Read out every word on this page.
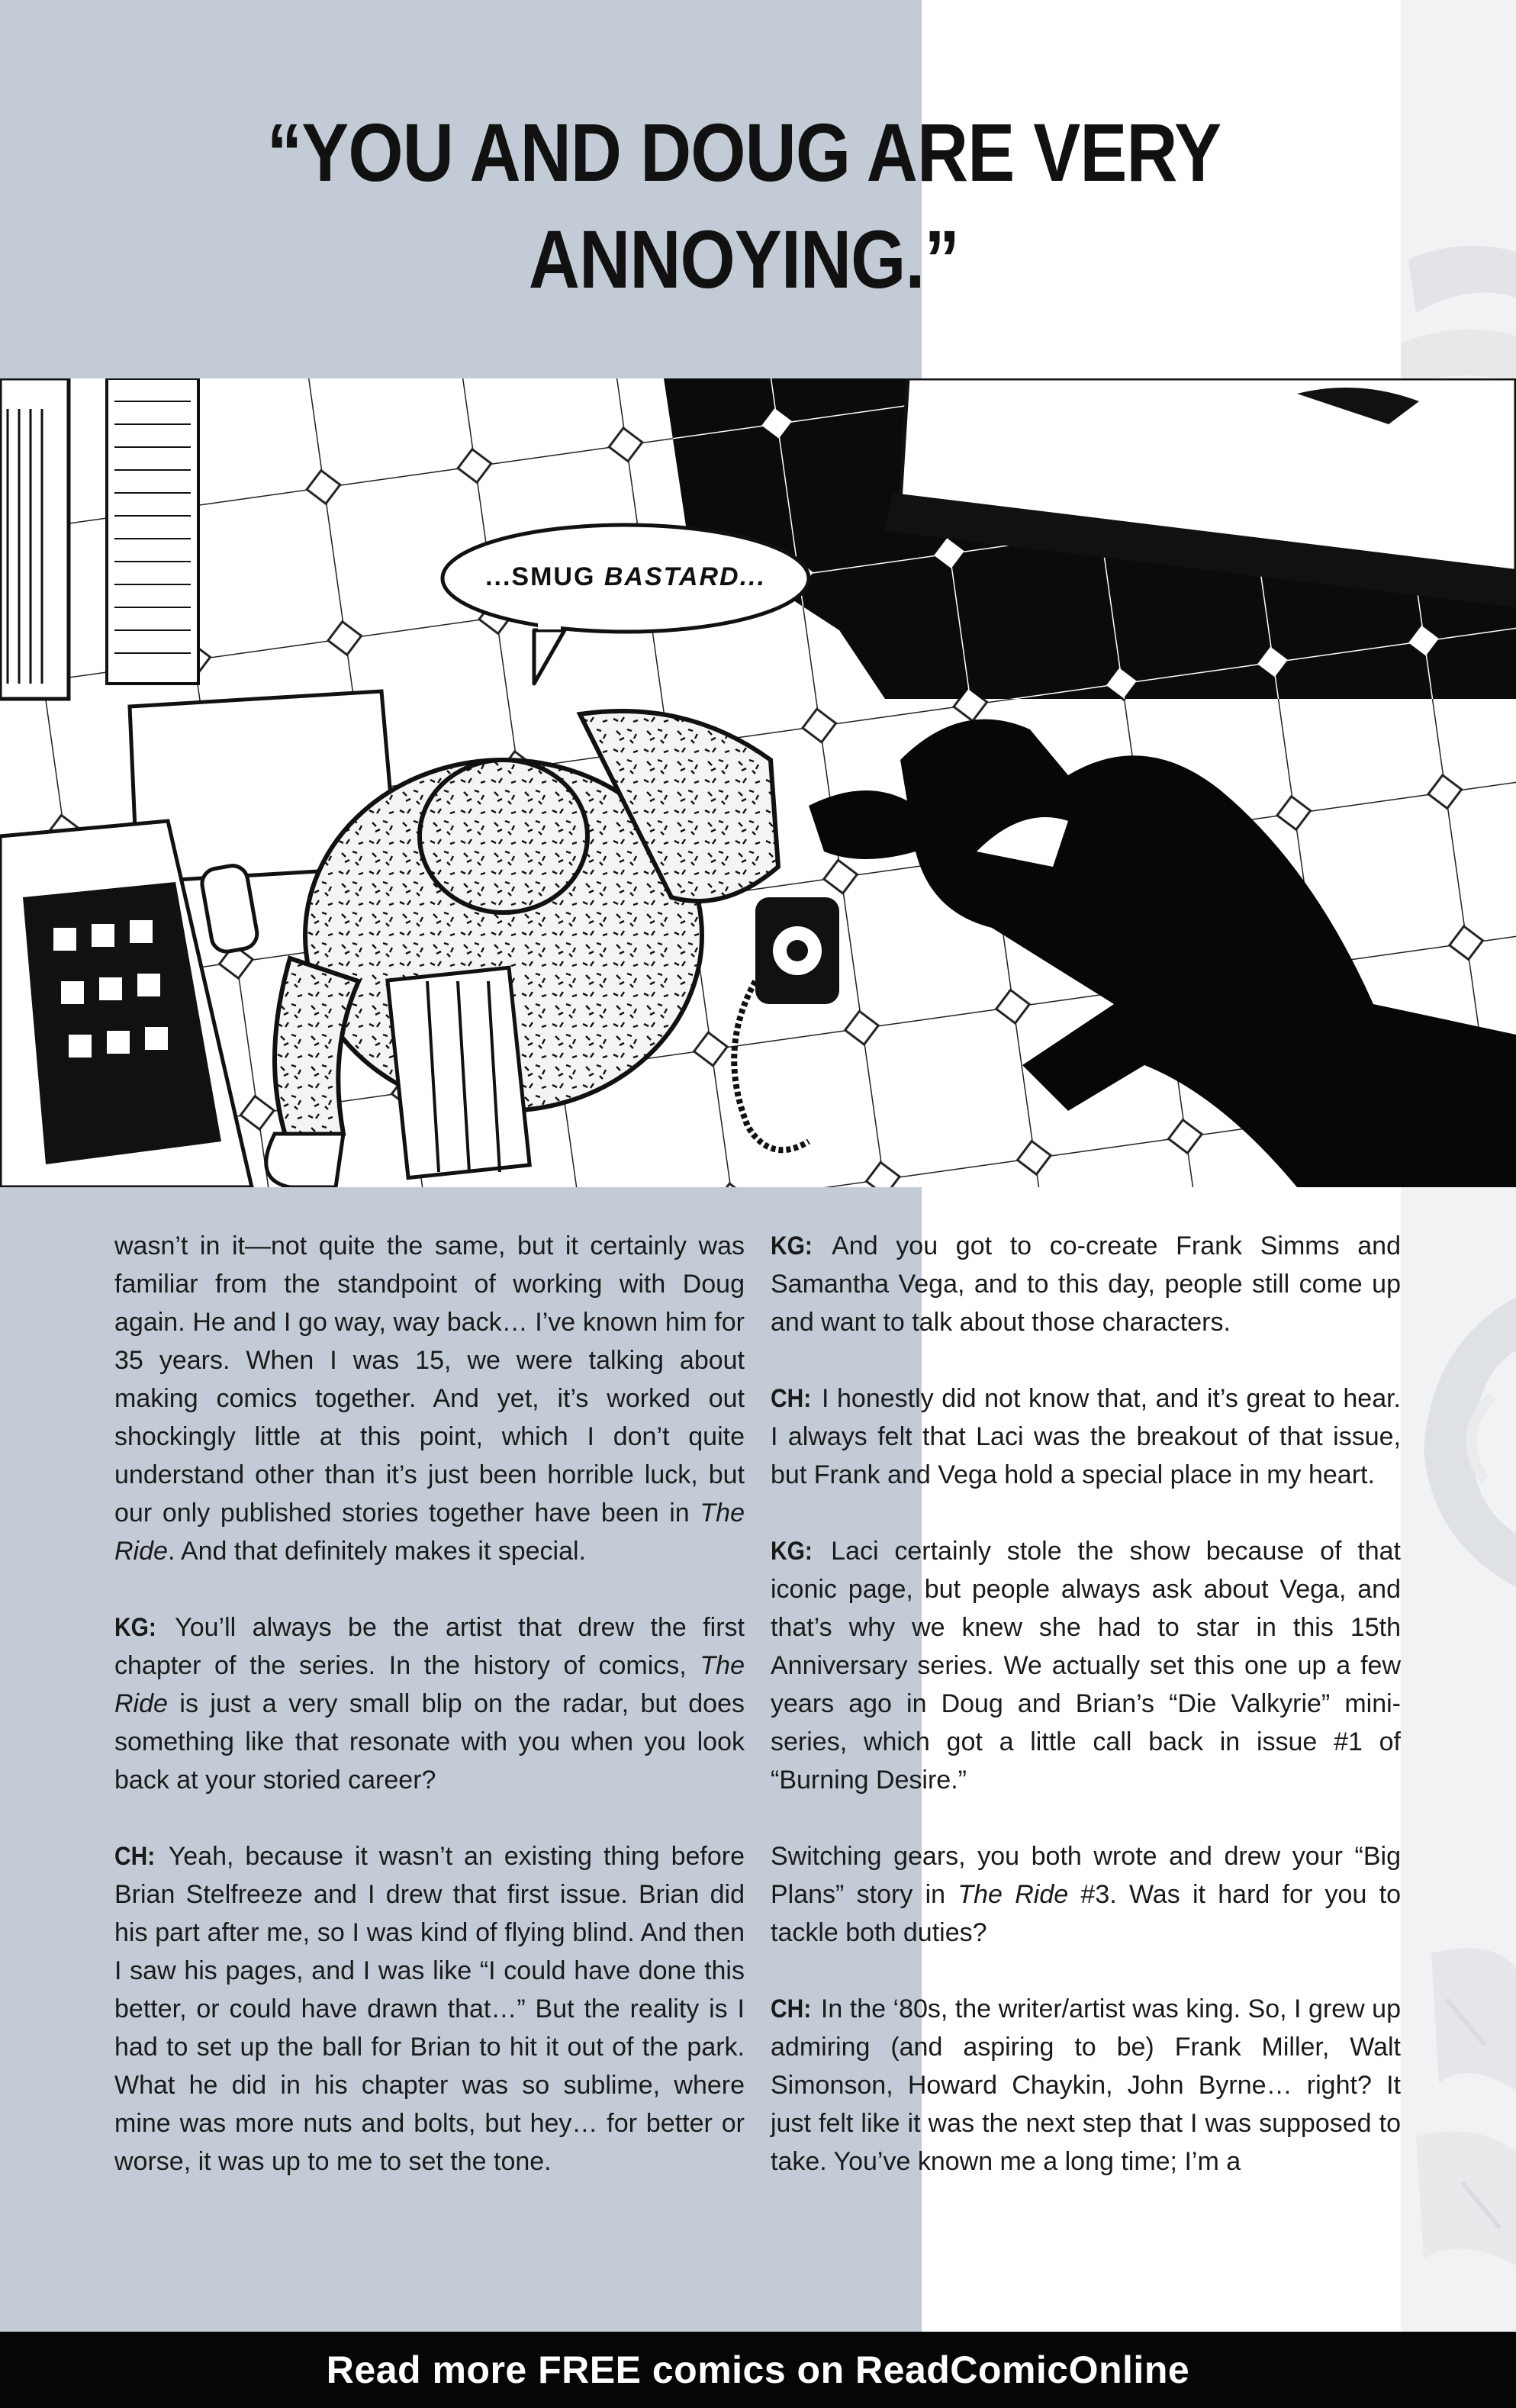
“YOU AND DOUG ARE VERY
ANNOYING.”
...SMUG BASTARD...

wasn’t in it—not quite the same, but it certainly was familiar from the standpoint of working with Doug again. He and I go way, way back… I’ve known him for 35 years. When I was 15, we were talking about making comics together. And yet, it’s worked out shockingly little at this point, which I don’t quite understand other than it’s just been horrible luck, but our only published stories together have been in The Ride. And that definitely makes it special.

KG: You’ll always be the artist that drew the first chapter of the series. In the history of comics, The Ride is just a very small blip on the radar, but does something like that resonate with you when you look back at your storied career?

CH: Yeah, because it wasn’t an existing thing before Brian Stelfreeze and I drew that first issue. Brian did his part after me, so I was kind of flying blind. And then I saw his pages, and I was like “I could have done this better, or could have drawn that…” But the reality is I had to set up the ball for Brian to hit it out of the park. What he did in his chapter was so sublime, where mine was more nuts and bolts, but hey… for better or worse, it was up to me to set the tone.

KG: And you got to co-create Frank Simms and Samantha Vega, and to this day, people still come up and want to talk about those characters.

CH: I honestly did not know that, and it’s great to hear. I always felt that Laci was the breakout of that issue, but Frank and Vega hold a special place in my heart.

KG: Laci certainly stole the show because of that iconic page, but people always ask about Vega, and that’s why we knew she had to star in this 15th Anniversary series. We actually set this one up a few years ago in Doug and Brian’s “Die Valkyrie” mini-series, which got a little call back in issue #1 of “Burning Desire.”

Switching gears, you both wrote and drew your “Big Plans” story in The Ride #3. Was it hard for you to tackle both duties?

CH: In the ‘80s, the writer/artist was king. So, I grew up admiring (and aspiring to be) Frank Miller, Walt Simonson, Howard Chaykin, John Byrne… right? It just felt like it was the next step that I was supposed to take. You’ve known me a long time; I’m a

Read more FREE comics on ReadComicOnline
